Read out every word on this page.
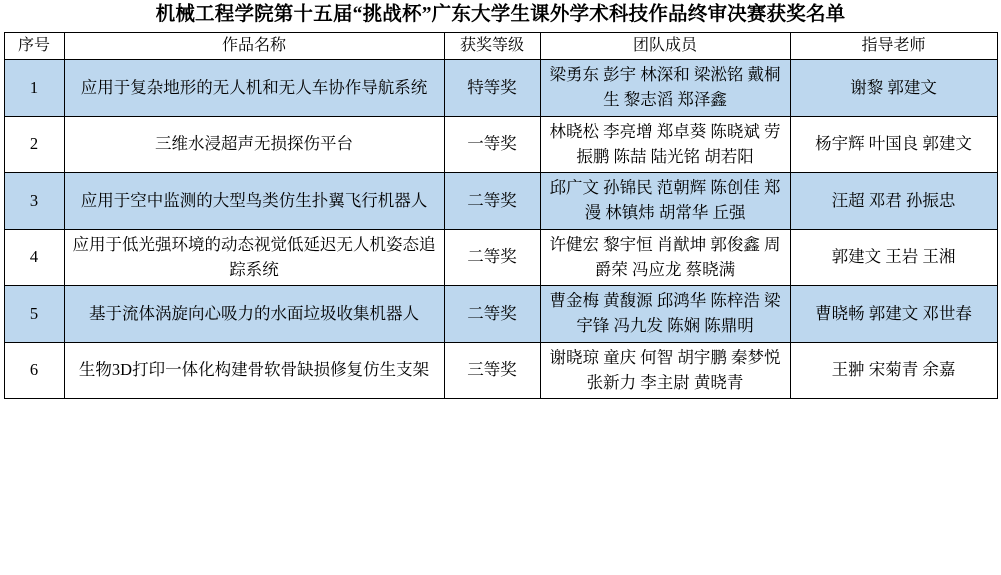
机械工程学院第十五届“挑战杯”广东大学生课外学术科技作品终审决赛获奖名单
序号	作品名称	获奖等级	团队成员	指导老师
1	应用于复杂地形的无人机和无人车协作导航系统	特等奖	梁勇东 彭宇 林深和 梁淞铭 戴桐生 黎志滔 郑泽鑫	谢黎 郭建文
2	三维水浸超声无损探伤平台	一等奖	林晓松 李亮增 郑卓葵 陈晓斌 劳振鹏 陈喆 陆光铭 胡若阳	杨宇辉 叶国良 郭建文
3	应用于空中监测的大型鸟类仿生扑翼飞行机器人	二等奖	邱广文 孙锦民 范朝辉 陈创佳 郑漫 林镇炜 胡常华 丘强	汪超 邓君 孙振忠
4	应用于低光强环境的动态视觉低延迟无人机姿态追踪系统	二等奖	许健宏 黎宇恒 肖猷坤 郭俊鑫 周爵荣 冯应龙 蔡晓满	郭建文 王岩 王湘
5	基于流体涡旋向心吸力的水面垃圾收集机器人	二等奖	曹金梅 黄馥源 邱鸿华 陈梓浩 梁宇锋 冯九发 陈娴 陈鼎明	曹晓畅 郭建文 邓世春
6	生物3D打印一体化构建骨软骨缺损修复仿生支架	三等奖	谢晓琼 童庆 何智 胡宇鹏 秦梦悦 张新力 李主尉 黄晓青	王翀 宋菊青 余嘉
